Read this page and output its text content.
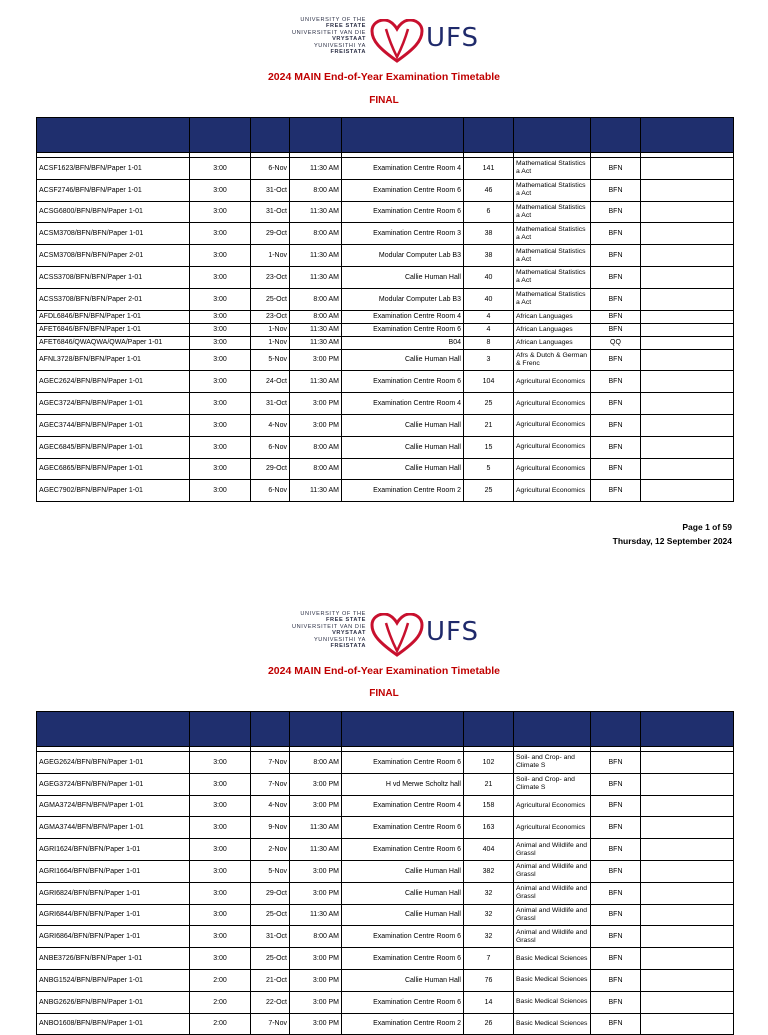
UNIVERSITY OF THE
FREE STATE
UNIVERSITEIT VAN DIE
VRYSTAAT
YUNIVESITHI YA
FREISTATA UFS
2024 MAIN End-of-Year Examination Timetable
FINAL

ACSF1623/BFN/BFN/Paper 1-01	3:00	6-Nov	11:30 AM	Examination Centre Room 4	141	Mathematical Statistics a Act	BFN	
ACSF2746/BFN/BFN/Paper 1-01	3:00	31-Oct	8:00 AM	Examination Centre Room 6	46	Mathematical Statistics a Act	BFN	
ACSG6800/BFN/BFN/Paper 1-01	3:00	31-Oct	11:30 AM	Examination Centre Room 6	6	Mathematical Statistics a Act	BFN	
ACSM3708/BFN/BFN/Paper 1-01	3:00	29-Oct	8:00 AM	Examination Centre Room 3	38	Mathematical Statistics a Act	BFN	
ACSM3708/BFN/BFN/Paper 2-01	3:00	1-Nov	11:30 AM	Modular Computer Lab B3	38	Mathematical Statistics a Act	BFN	
ACSS3708/BFN/BFN/Paper 1-01	3:00	23-Oct	11:30 AM	Callie Human Hall	40	Mathematical Statistics a Act	BFN	
ACSS3708/BFN/BFN/Paper 2-01	3:00	25-Oct	8:00 AM	Modular Computer Lab B3	40	Mathematical Statistics a Act	BFN	
AFDL6846/BFN/BFN/Paper 1-01	3:00	23-Oct	8:00 AM	Examination Centre Room 4	4	African Languages	BFN	
AFET6846/BFN/BFN/Paper 1-01	3:00	1-Nov	11:30 AM	Examination Centre Room 6	4	African Languages	BFN	
AFET6846/QWAQWA/QWA/Paper 1-01	3:00	1-Nov	11:30 AM	B04	8	African Languages	QQ	
AFNL3728/BFN/BFN/Paper 1-01	3:00	5-Nov	3:00 PM	Callie Human Hall	3	Afrs & Dutch & German & Frenc	BFN	
AGEC2624/BFN/BFN/Paper 1-01	3:00	24-Oct	11:30 AM	Examination Centre Room 6	104	Agricultural Economics	BFN	
AGEC3724/BFN/BFN/Paper 1-01	3:00	31-Oct	3:00 PM	Examination Centre Room 4	25	Agricultural Economics	BFN	
AGEC3744/BFN/BFN/Paper 1-01	3:00	4-Nov	3:00 PM	Callie Human Hall	21	Agricultural Economics	BFN	
AGEC6845/BFN/BFN/Paper 1-01	3:00	6-Nov	8:00 AM	Callie Human Hall	15	Agricultural Economics	BFN	
AGEC6865/BFN/BFN/Paper 1-01	3:00	29-Oct	8:00 AM	Callie Human Hall	5	Agricultural Economics	BFN	
AGEC7902/BFN/BFN/Paper 1-01	3:00	6-Nov	11:30 AM	Examination Centre Room 2	25	Agricultural Economics	BFN	
Page 1 of 59
Thursday, 12 September 2024
UNIVERSITY OF THE
FREE STATE
UNIVERSITEIT VAN DIE
VRYSTAAT
YUNIVESITHI YA
FREISTATA UFS
2024 MAIN End-of-Year Examination Timetable
FINAL

AGEG2624/BFN/BFN/Paper 1-01	3:00	7-Nov	8:00 AM	Examination Centre Room 6	102	Soil- and Crop- and Climate S	BFN	
AGEG3724/BFN/BFN/Paper 1-01	3:00	7-Nov	3:00 PM	H vd Merwe Scholtz hall	21	Soil- and Crop- and Climate S	BFN	
AGMA3724/BFN/BFN/Paper 1-01	3:00	4-Nov	3:00 PM	Examination Centre Room 4	158	Agricultural Economics	BFN	
AGMA3744/BFN/BFN/Paper 1-01	3:00	9-Nov	11:30 AM	Examination Centre Room 6	163	Agricultural Economics	BFN	
AGRI1624/BFN/BFN/Paper 1-01	3:00	2-Nov	11:30 AM	Examination Centre Room 6	404	Animal and Wildlife and Grassl	BFN	
AGRI1664/BFN/BFN/Paper 1-01	3:00	5-Nov	3:00 PM	Callie Human Hall	382	Animal and Wildlife and Grassl	BFN	
AGRI6824/BFN/BFN/Paper 1-01	3:00	29-Oct	3:00 PM	Callie Human Hall	32	Animal and Wildlife and Grassl	BFN	
AGRI6844/BFN/BFN/Paper 1-01	3:00	25-Oct	11:30 AM	Callie Human Hall	32	Animal and Wildlife and Grassl	BFN	
AGRI6864/BFN/BFN/Paper 1-01	3:00	31-Oct	8:00 AM	Examination Centre Room 6	32	Animal and Wildlife and Grassl	BFN	
ANBE3726/BFN/BFN/Paper 1-01	3:00	25-Oct	3:00 PM	Examination Centre Room 6	7	Basic Medical Sciences	BFN	
ANBG1524/BFN/BFN/Paper 1-01	2:00	21-Oct	3:00 PM	Callie Human Hall	76	Basic Medical Sciences	BFN	
ANBG2626/BFN/BFN/Paper 1-01	2:00	22-Oct	3:00 PM	Examination Centre Room 6	14	Basic Medical Sciences	BFN	
ANBO1608/BFN/BFN/Paper 1-01	2:00	7-Nov	3:00 PM	Examination Centre Room 2	26	Basic Medical Sciences	BFN	
